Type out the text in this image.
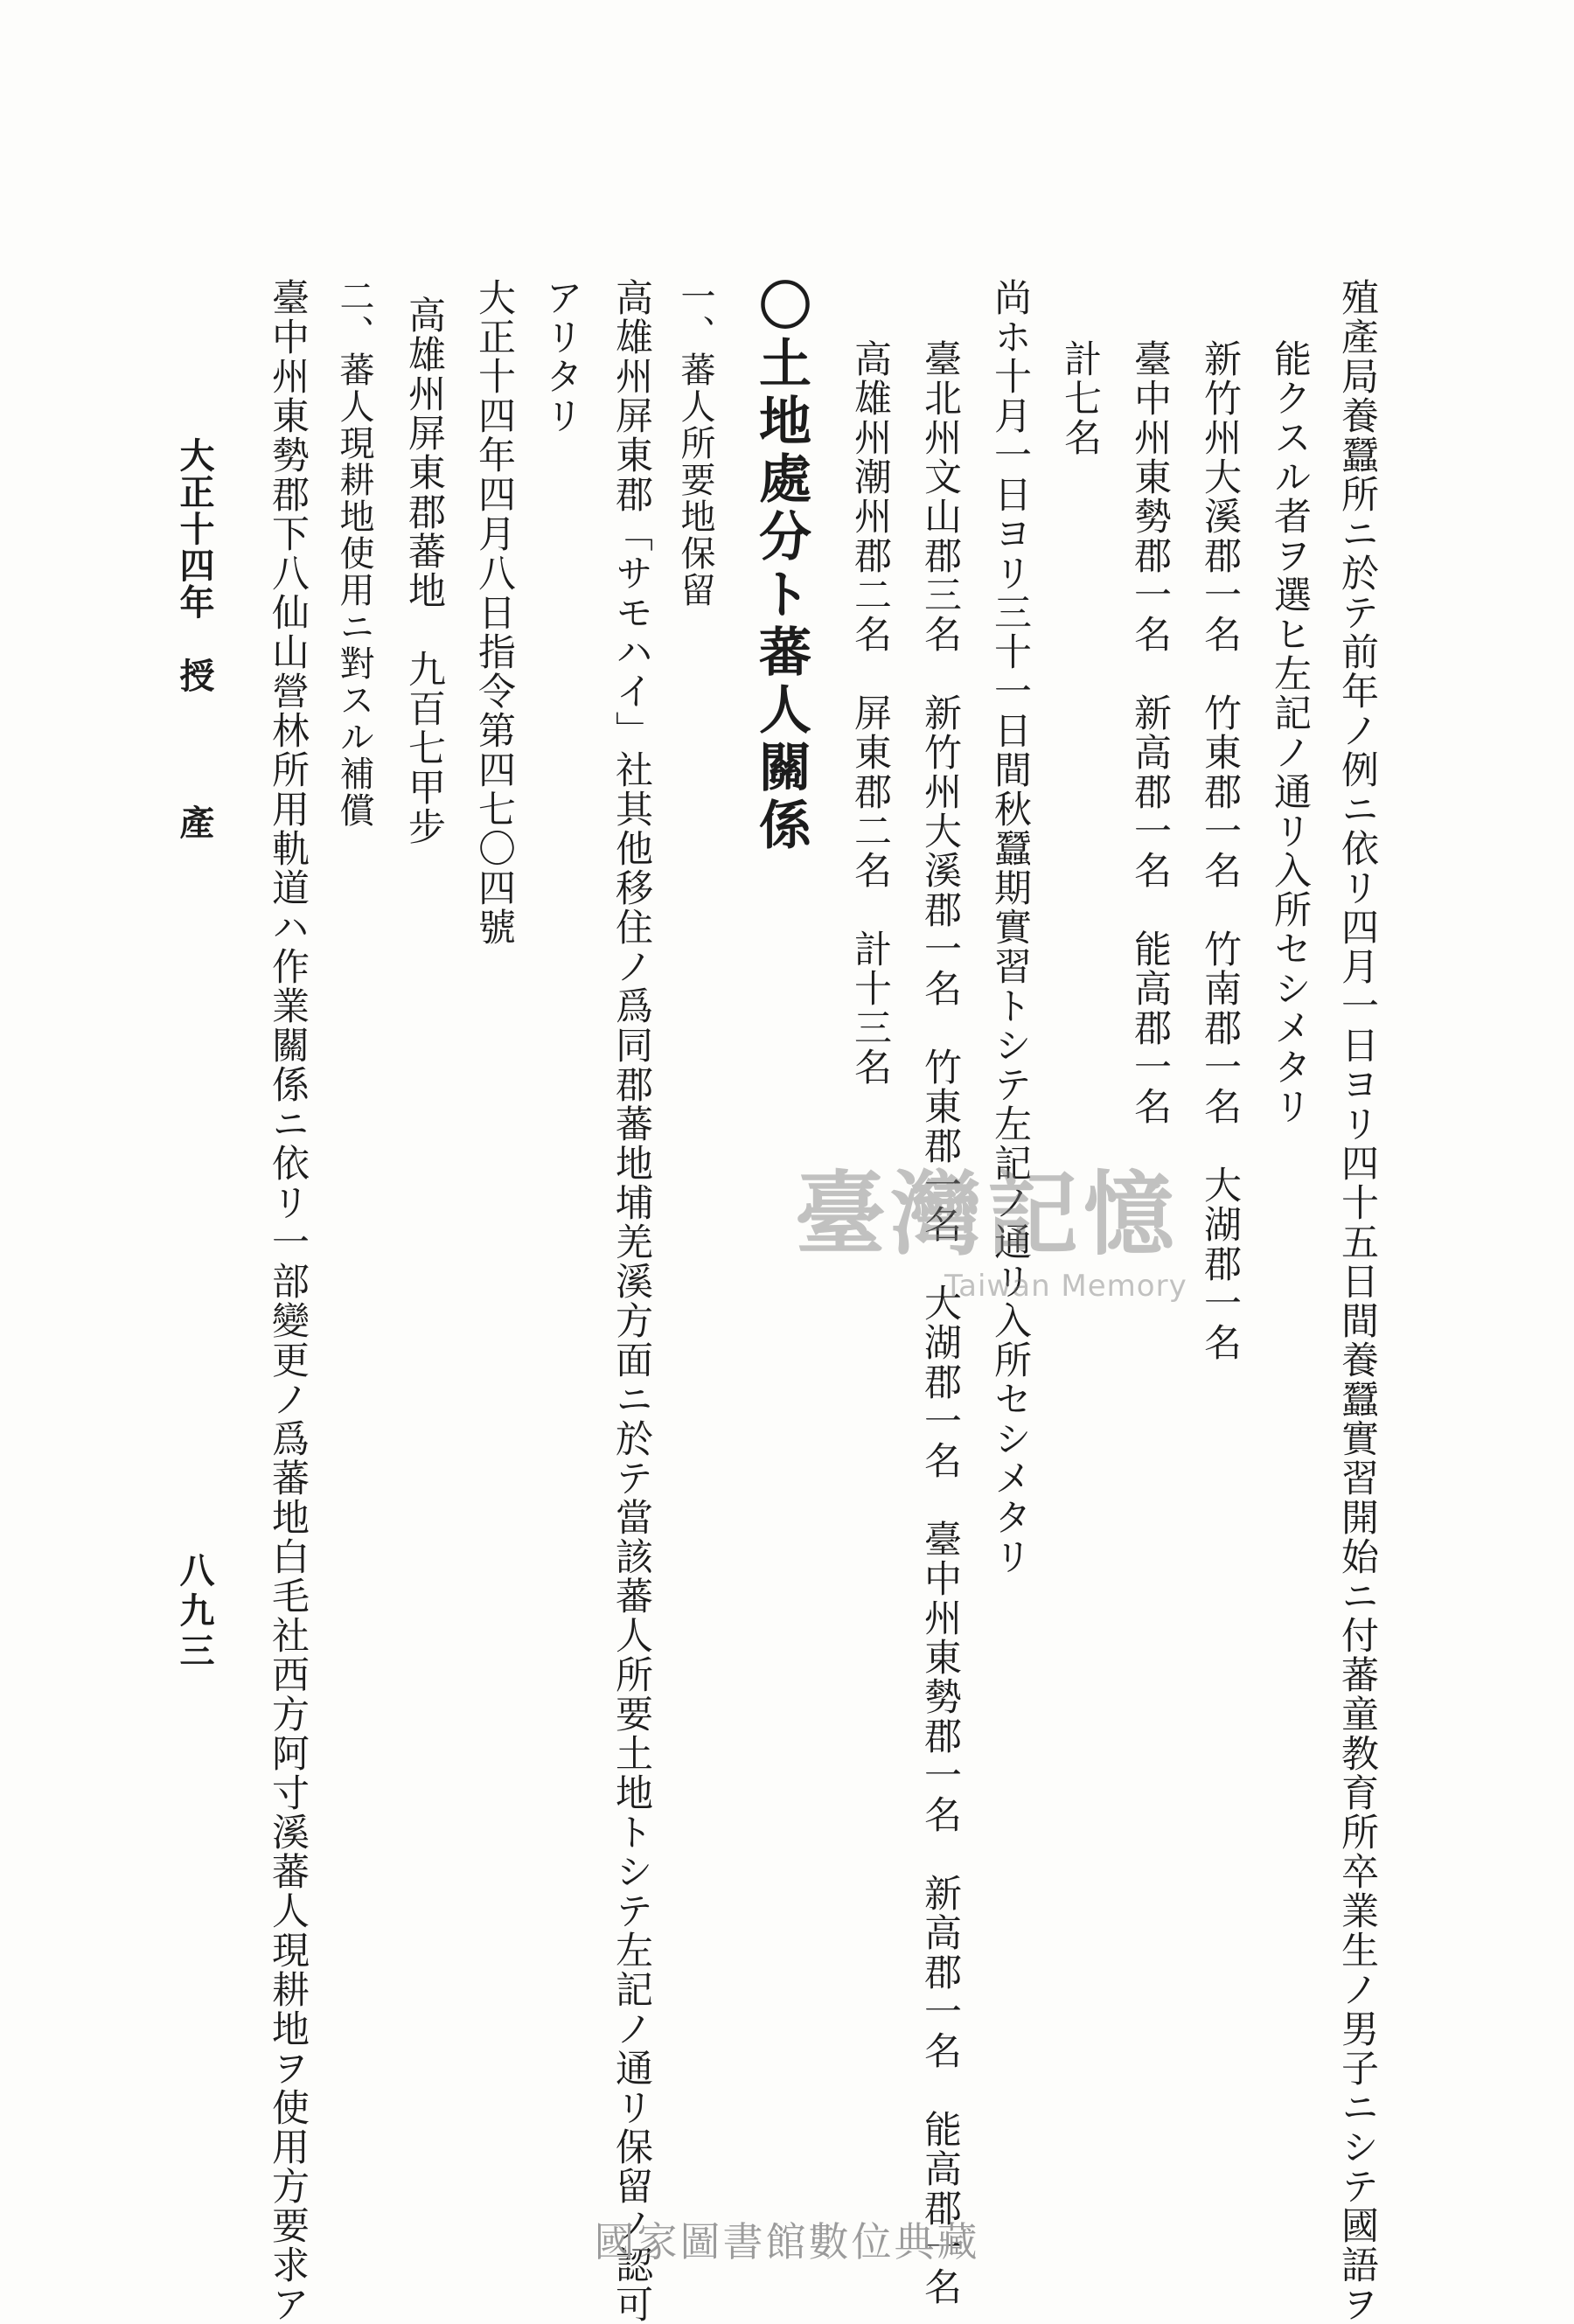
殖產局養蠶所ニ於テ前年ノ例ニ依リ四月一日ヨリ四十五日間養蠶實習開始ニ付蕃童教育所卒業生ノ男子ニシテ國語ヲ
能クスル者ヲ選ヒ左記ノ通リ入所セシメタリ
新竹州大溪郡一名　竹東郡一名　竹南郡一名　大湖郡一名
臺中州東勢郡一名　新高郡一名　能高郡一名
計七名
尚ホ十月一日ヨリ三十一日間秋蠶期實習トシテ左記ノ通リ入所セシメタリ
臺北州文山郡三名　新竹州大溪郡一名　竹東郡一名　大湖郡一名　臺中州東勢郡一名　新高郡一名　能高郡一名
高雄州潮州郡二名　屏東郡二名　計十三名
〇土地處分ト蕃人關係
一、蕃人所要地保留
高雄州屏東郡「サモハイ」社其他移住ノ爲同郡蕃地埔羌溪方面ニ於テ當該蕃人所要土地トシテ左記ノ通リ保留ノ認可
アリタリ
大正十四年四月八日指令第四七〇四號
高雄州屏東郡蕃地　九百七甲步
二、蕃人現耕地使用ニ對スル補償
臺中州東勢郡下八仙山營林所用軌道ハ作業關係ニ依リ一部變更ノ爲蕃地白毛社西方阿寸溪蕃人現耕地ヲ使用方要求ア
大正十四年　授　　　產
八九三
臺灣記憶
Taiwan Memory
國家圖書館數位典藏
